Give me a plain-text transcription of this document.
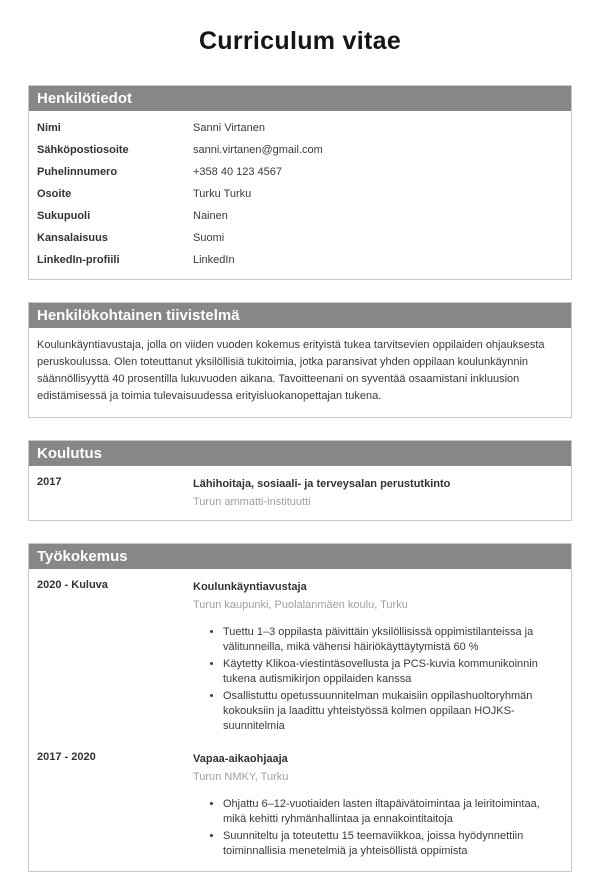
Curriculum vitae
Henkilötiedot
Nimi	Sanni Virtanen
Sähköpostiosoite	sanni.virtanen@gmail.com
Puhelinnumero	+358 40 123 4567
Osoite	Turku Turku
Sukupuoli	Nainen
Kansalaisuus	Suomi
LinkedIn-profiili	LinkedIn
Henkilökohtainen tiivistelmä

Koulunkäyntiavustaja, jolla on viiden vuoden kokemus erityistä tukea tarvitsevien oppilaiden ohjauksesta peruskoulussa. Olen toteuttanut yksilöllisiä tukitoimia, jotka paransivat yhden oppilaan koulunkäynnin säännöllisyyttä 40 prosentilla lukuvuoden aikana. Tavoitteenani on syventää osaamistani inkluusion edistämisessä ja toimia tulevaisuudessa erityisluokanopettajan tukena.

Koulutus
2017	Lähihoitaja, sosiaali- ja terveysalan perustutkinto
Turun ammatti-instituutti
Työkokemus
2020 - Kuluva	Koulunkäyntiavustaja
Turun kaupunki, Puolalanmäen koulu, Turku
• Tuettu 1–3 oppilasta päivittäin yksilöllisissä oppimistilanteissa ja välitunneilla, mikä vähensi häiriökäyttäytymistä 60 %
• Käytetty Klikoa-viestintäsovellusta ja PCS-kuvia kommunikoinnin tukena autismikirjon oppilaiden kanssa
• Osallistuttu opetussuunnitelman mukaisiin oppilashuoltoryhmän kokouksiin ja laadittu yhteistyössä kolmen oppilaan HOJKS-suunnitelmia
2017 - 2020	Vapaa-aikaohjaaja
Turun NMKY, Turku
• Ohjattu 6–12-vuotiaiden lasten iltapäivätoimintaa ja leiritoimintaa, mikä kehitti ryhmänhallintaa ja ennakointitaitoja
• Suunniteltu ja toteutettu 15 teemaviikkoa, joissa hyödynnettiin toiminnallisia menetelmiä ja yhteisöllistä oppimista
